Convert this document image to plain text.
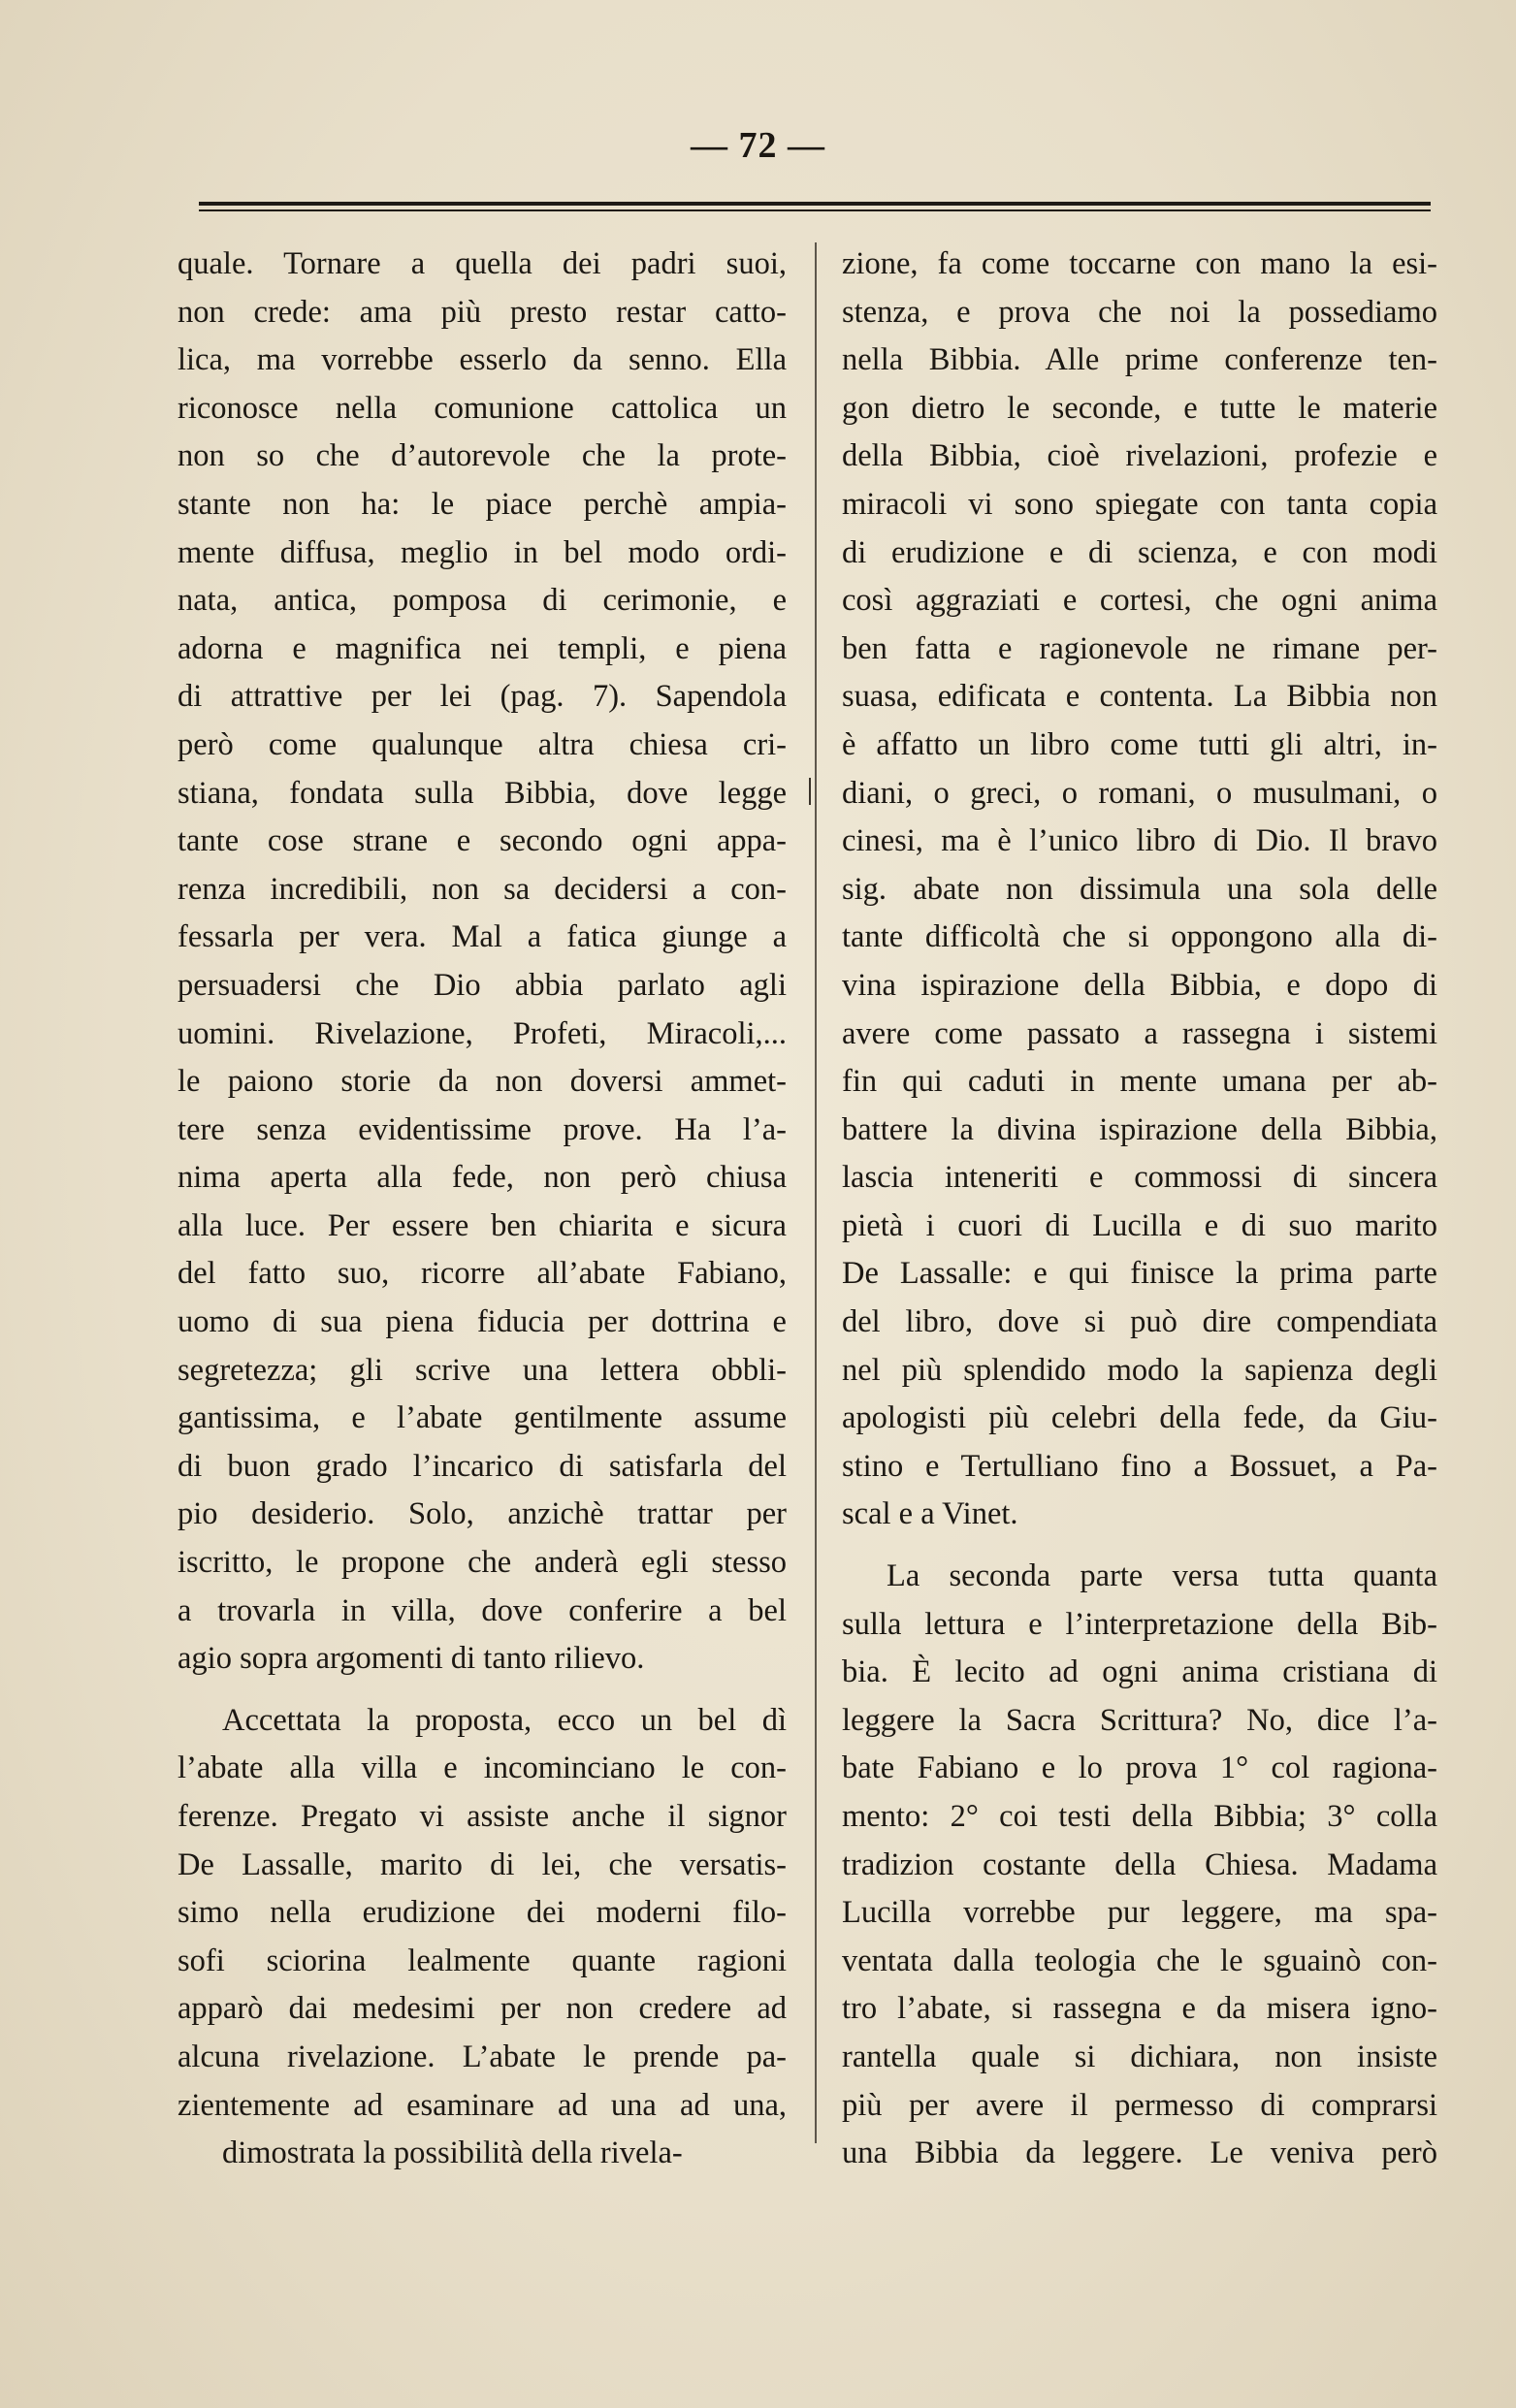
— 72 —
quale. Tornare a quella dei padri suoi,
non crede: ama più presto restar catto-
lica, ma vorrebbe esserlo da senno. Ella
riconosce nella comunione cattolica un
non so che d’autorevole che la prote-
stante non ha: le piace perchè ampia-
mente diffusa, meglio in bel modo ordi-
nata, antica, pomposa di cerimonie, e
adorna e magnifica nei templi, e piena
di attrattive per lei (pag. 7). Sapendola
però come qualunque altra chiesa cri-
stiana, fondata sulla Bibbia, dove legge
tante cose strane e secondo ogni appa-
renza incredibili, non sa decidersi a con-
fessarla per vera. Mal a fatica giunge a
persuadersi che Dio abbia parlato agli
uomini. Rivelazione, Profeti, Miracoli,...
le paiono storie da non doversi ammet-
tere senza evidentissime prove. Ha l’a-
nima aperta alla fede, non però chiusa
alla luce. Per essere ben chiarita e sicura
del fatto suo, ricorre all’abate Fabiano,
uomo di sua piena fiducia per dottrina e
segretezza; gli scrive una lettera obbli-
gantissima, e l’abate gentilmente assume
di buon grado l’incarico di satisfarla del
pio desiderio. Solo, anzichè trattar per
iscritto, le propone che anderà egli stesso
a trovarla in villa, dove conferire a bel
agio sopra argomenti di tanto rilievo.
Accettata la proposta, ecco un bel dì
l’abate alla villa e incominciano le con-
ferenze. Pregato vi assiste anche il signor
De Lassalle, marito di lei, che versatis-
simo nella erudizione dei moderni filo-
sofi sciorina lealmente quante ragioni
apparò dai medesimi per non credere ad
alcuna rivelazione. L’abate le prende pa-
zientemente ad esaminare ad una ad una,
dimostrata la possibilità della rivela-
zione, fa come toccarne con mano la esi-
stenza, e prova che noi la possediamo
nella Bibbia. Alle prime conferenze ten-
gon dietro le seconde, e tutte le materie
della Bibbia, cioè rivelazioni, profezie e
miracoli vi sono spiegate con tanta copia
di erudizione e di scienza, e con modi
così aggraziati e cortesi, che ogni anima
ben fatta e ragionevole ne rimane per-
suasa, edificata e contenta. La Bibbia non
è affatto un libro come tutti gli altri, in-
diani, o greci, o romani, o musulmani, o
cinesi, ma è l’unico libro di Dio. Il bravo
sig. abate non dissimula una sola delle
tante difficoltà che si oppongono alla di-
vina ispirazione della Bibbia, e dopo di
avere come passato a rassegna i sistemi
fin qui caduti in mente umana per ab-
battere la divina ispirazione della Bibbia,
lascia inteneriti e commossi di sincera
pietà i cuori di Lucilla e di suo marito
De Lassalle: e qui finisce la prima parte
del libro, dove si può dire compendiata
nel più splendido modo la sapienza degli
apologisti più celebri della fede, da Giu-
stino e Tertulliano fino a Bossuet, a Pa-
scal e a Vinet.
La seconda parte versa tutta quanta
sulla lettura e l’interpretazione della Bib-
bia. È lecito ad ogni anima cristiana di
leggere la Sacra Scrittura? No, dice l’a-
bate Fabiano e lo prova 1° col ragiona-
mento: 2° coi testi della Bibbia; 3° colla
tradizion costante della Chiesa. Madama
Lucilla vorrebbe pur leggere, ma spa-
ventata dalla teologia che le sguainò con-
tro l’abate, si rassegna e da misera igno-
rantella quale si dichiara, non insiste
più per avere il permesso di comprarsi
una Bibbia da leggere. Le veniva però
